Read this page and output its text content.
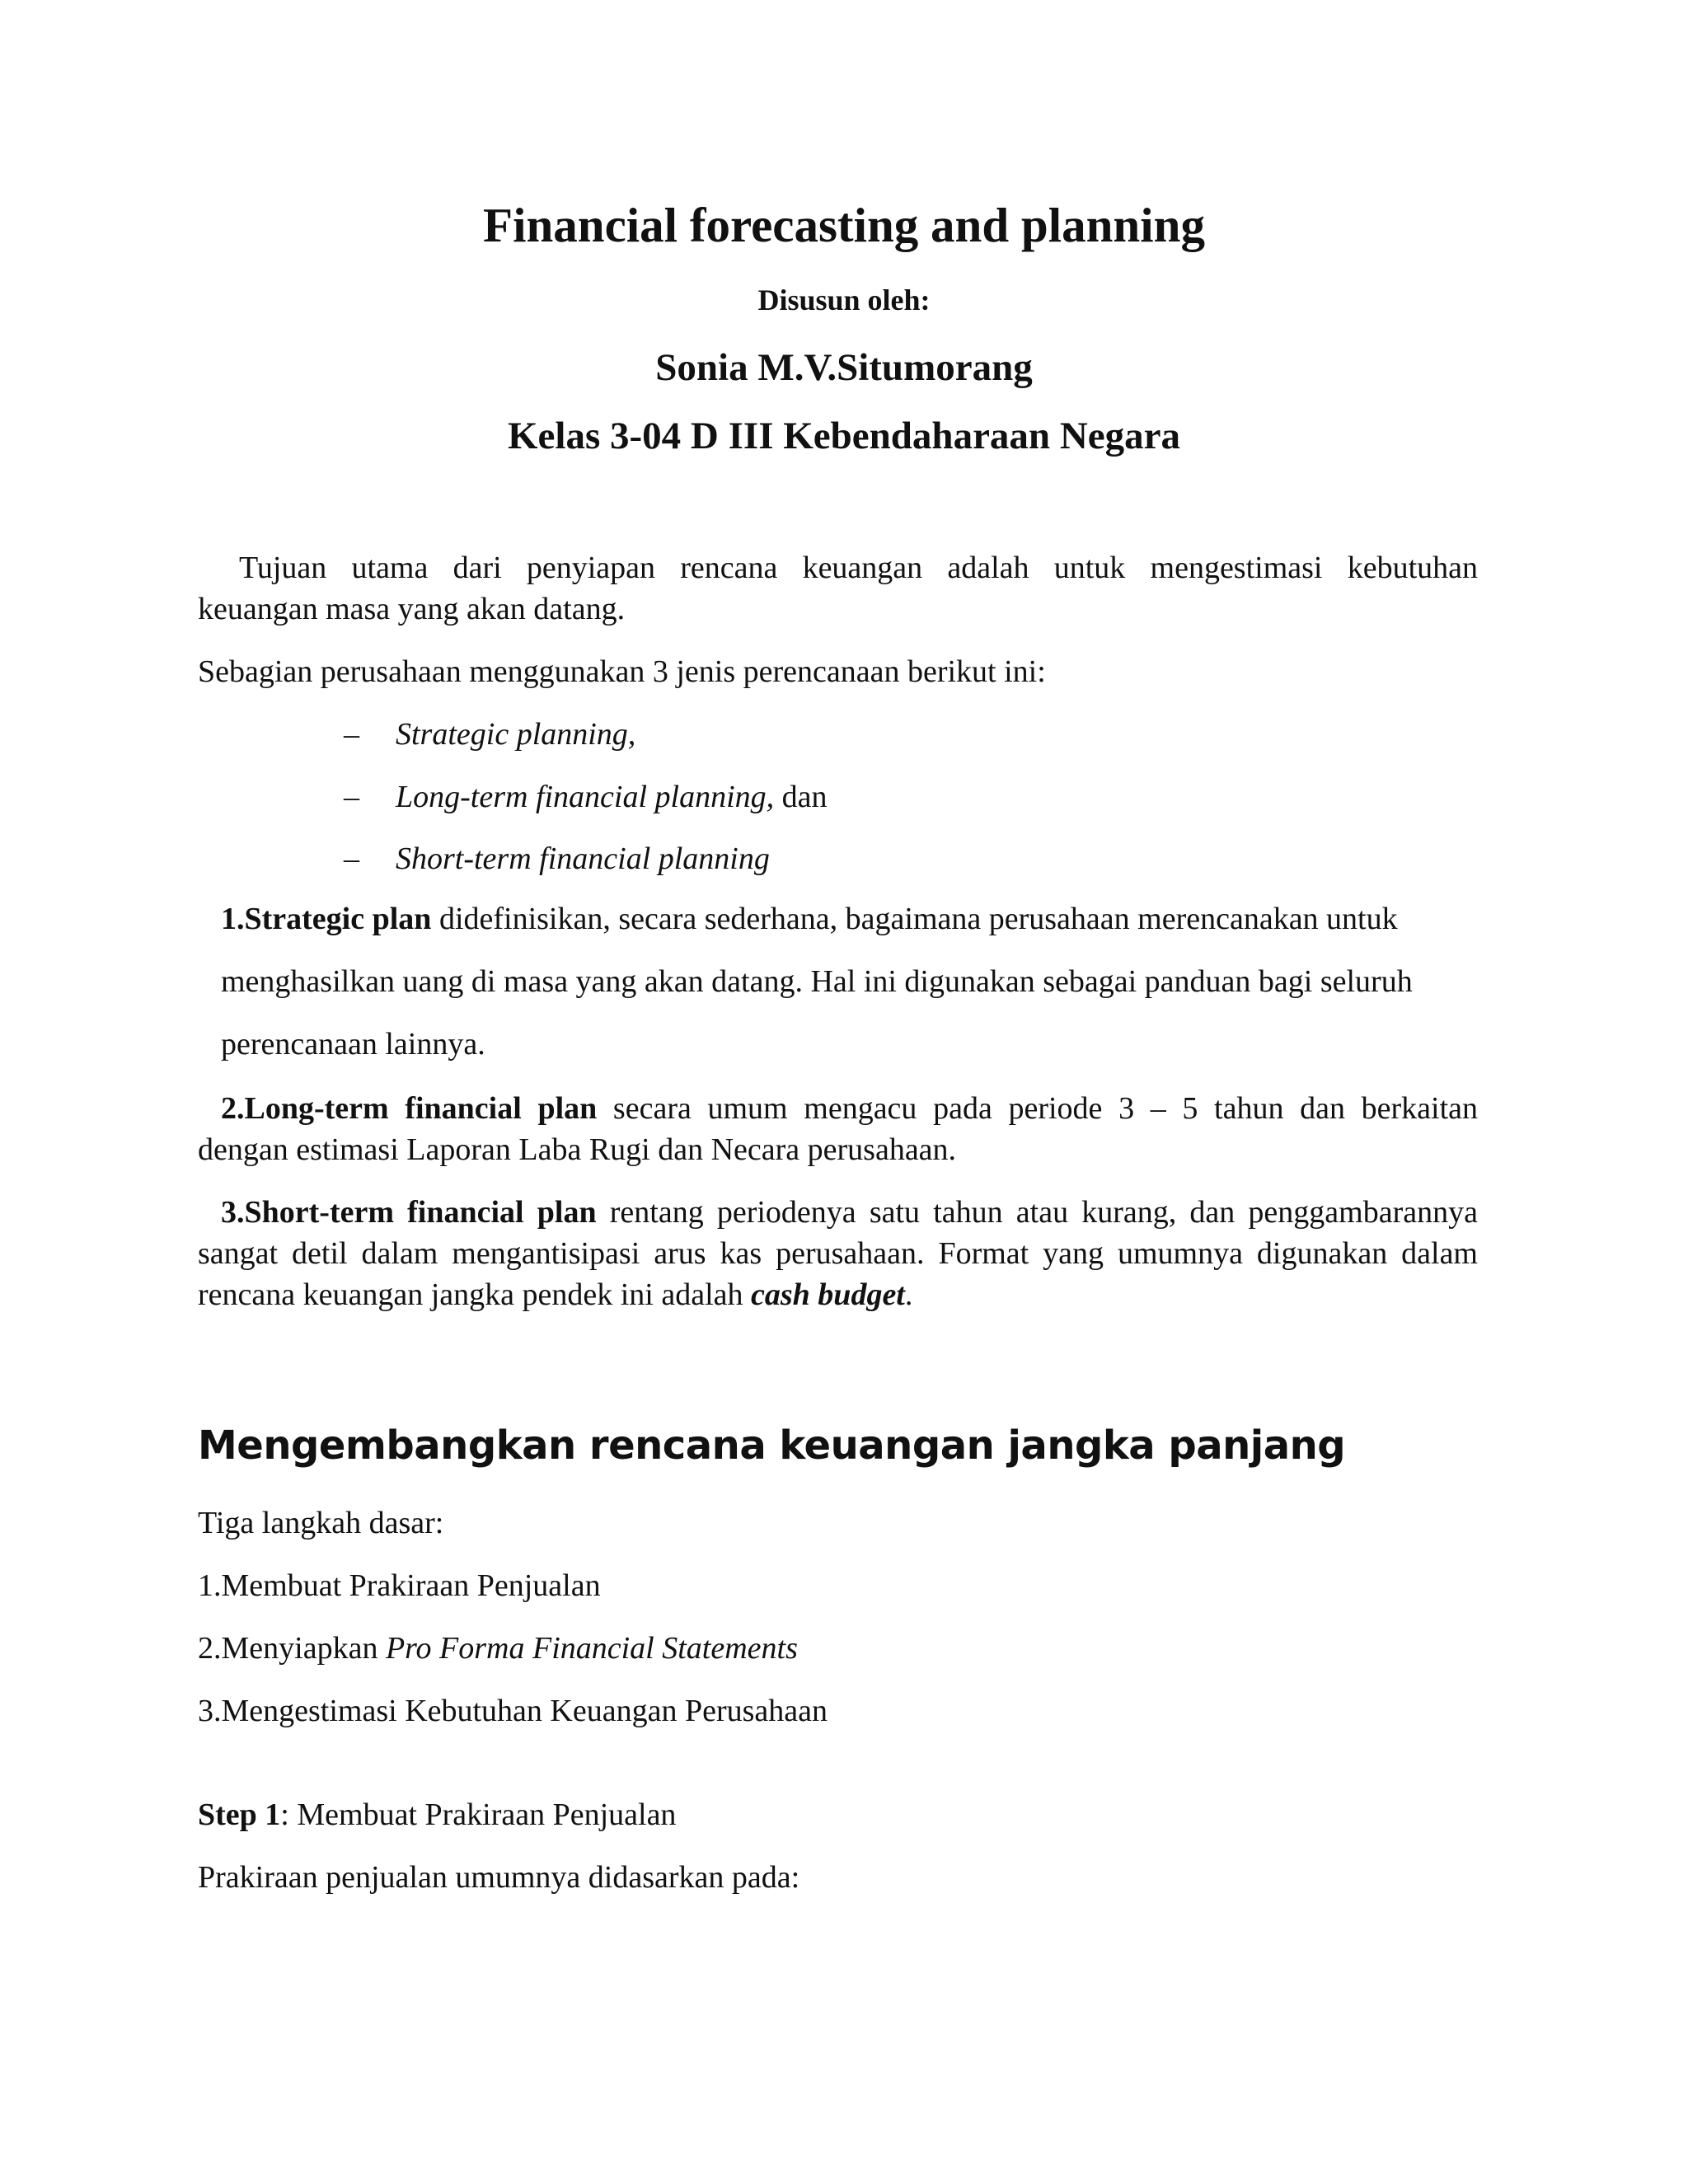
Financial forecasting and planning
Disusun oleh:
Sonia M.V.Situmorang
Kelas 3-04 D III Kebendaharaan Negara
Tujuan utama dari penyiapan rencana keuangan adalah untuk mengestimasi kebutuhan
keuangan masa yang akan datang.
Sebagian perusahaan menggunakan 3 jenis perencanaan berikut ini:
– Strategic planning,
– Long-term financial planning, dan
– Short-term financial planning
1.Strategic plan didefinisikan, secara sederhana, bagaimana perusahaan merencanakan untuk
menghasilkan uang di masa yang akan datang. Hal ini digunakan sebagai panduan bagi seluruh
perencanaan lainnya.
2.Long-term financial plan secara umum mengacu pada periode 3 – 5 tahun dan berkaitan
dengan estimasi Laporan Laba Rugi dan Necara perusahaan.
3.Short-term financial plan rentang periodenya satu tahun atau kurang, dan penggambarannya
sangat detil dalam mengantisipasi arus kas perusahaan. Format yang umumnya digunakan dalam
rencana keuangan jangka pendek ini adalah cash budget.
Mengembangkan rencana keuangan jangka panjang
Tiga langkah dasar:
1.Membuat Prakiraan Penjualan
2.Menyiapkan Pro Forma Financial Statements
3.Mengestimasi Kebutuhan Keuangan Perusahaan
Step 1: Membuat Prakiraan Penjualan
Prakiraan penjualan umumnya didasarkan pada:
